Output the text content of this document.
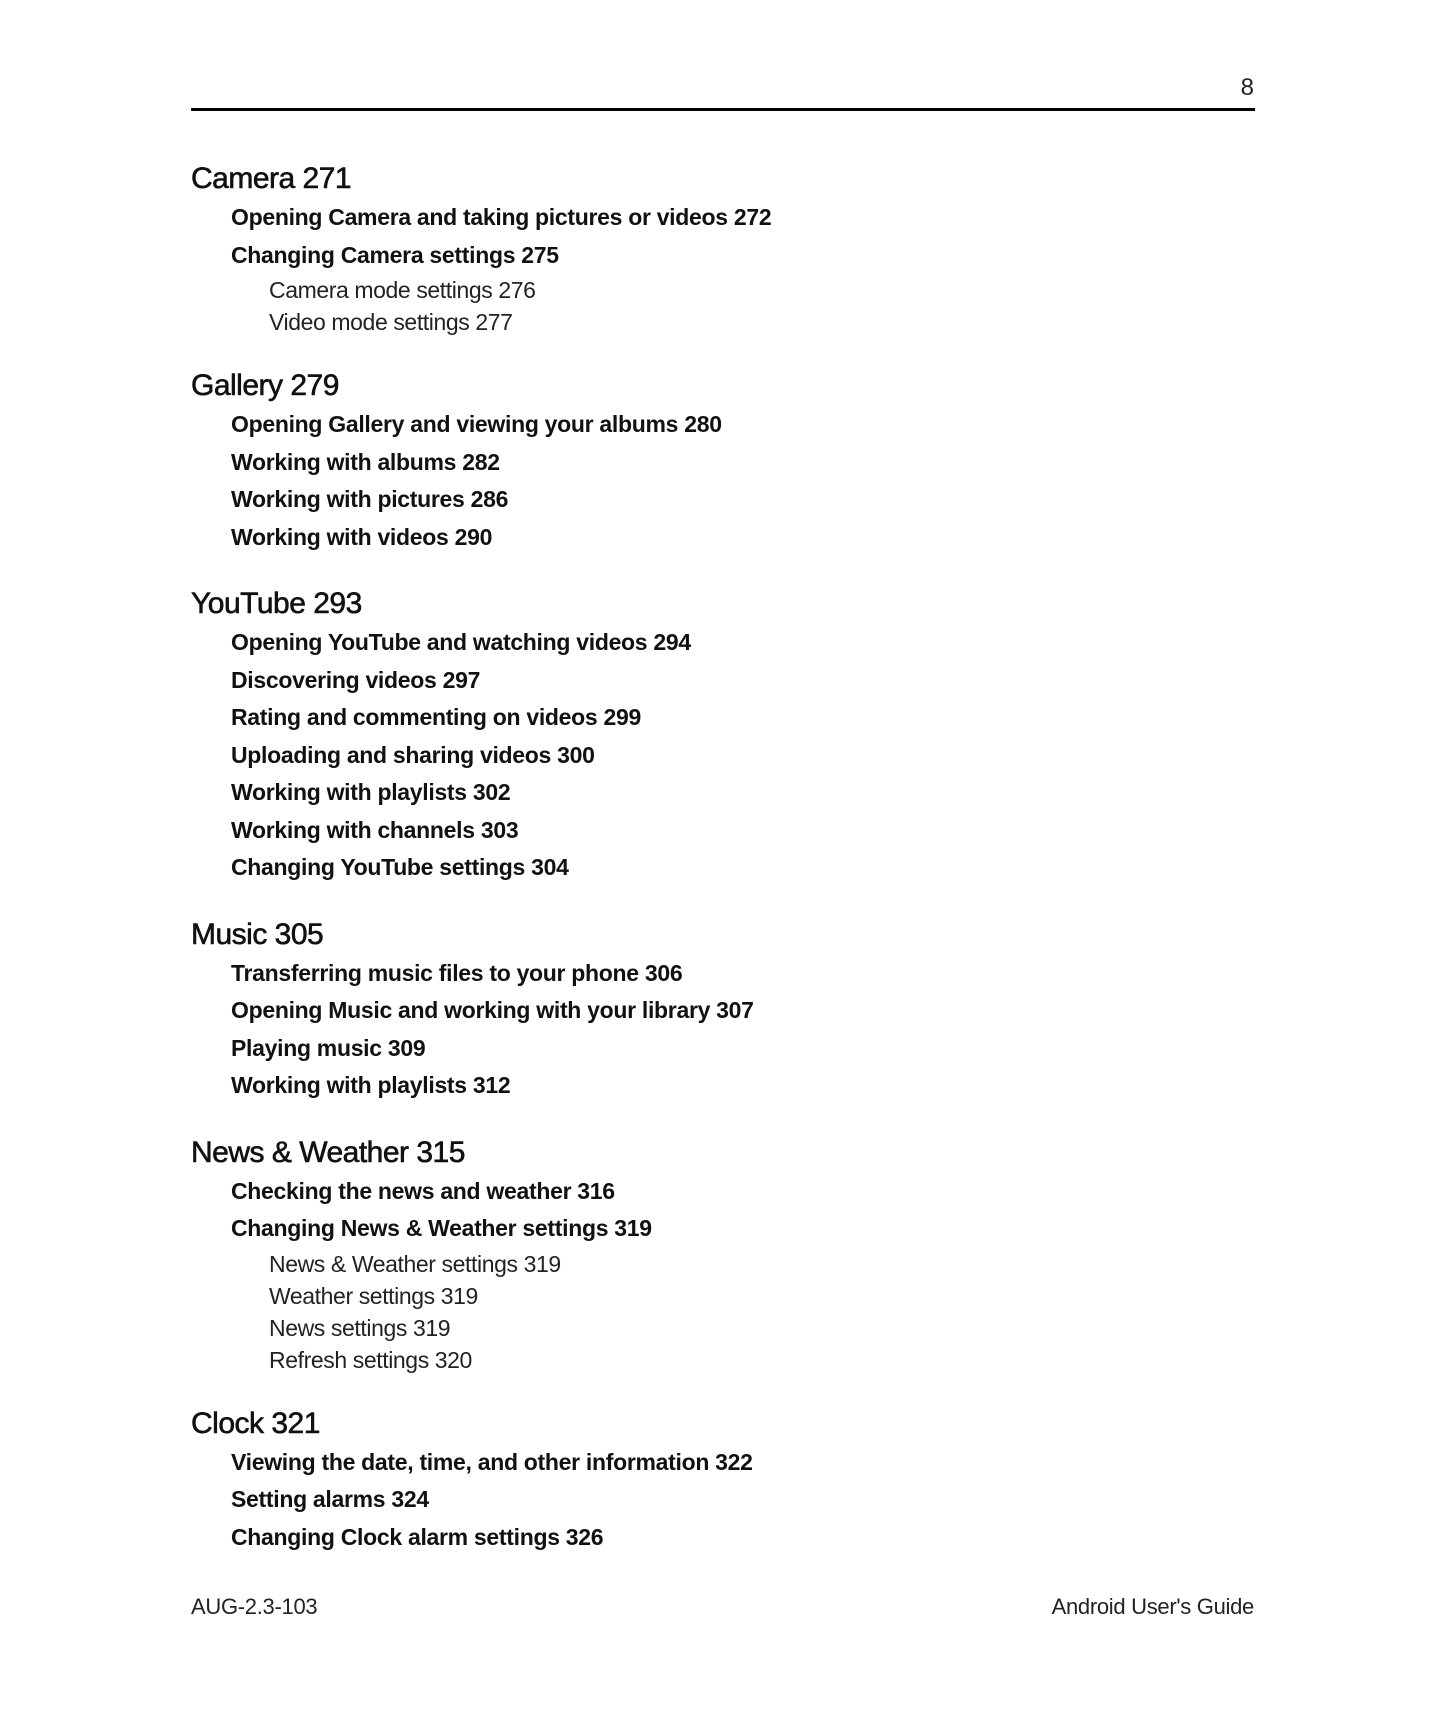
8
Camera 271
Opening Camera and taking pictures or videos 272
Changing Camera settings 275
Camera mode settings 276
Video mode settings 277
Gallery 279
Opening Gallery and viewing your albums 280
Working with albums 282
Working with pictures 286
Working with videos 290
YouTube 293
Opening YouTube and watching videos 294
Discovering videos 297
Rating and commenting on videos 299
Uploading and sharing videos 300
Working with playlists 302
Working with channels 303
Changing YouTube settings 304
Music 305
Transferring music files to your phone 306
Opening Music and working with your library 307
Playing music 309
Working with playlists 312
News & Weather 315
Checking the news and weather 316
Changing News & Weather settings 319
News & Weather settings 319
Weather settings 319
News settings 319
Refresh settings 320
Clock 321
Viewing the date, time, and other information 322
Setting alarms 324
Changing Clock alarm settings 326
AUG-2.3-103	Android User's Guide
